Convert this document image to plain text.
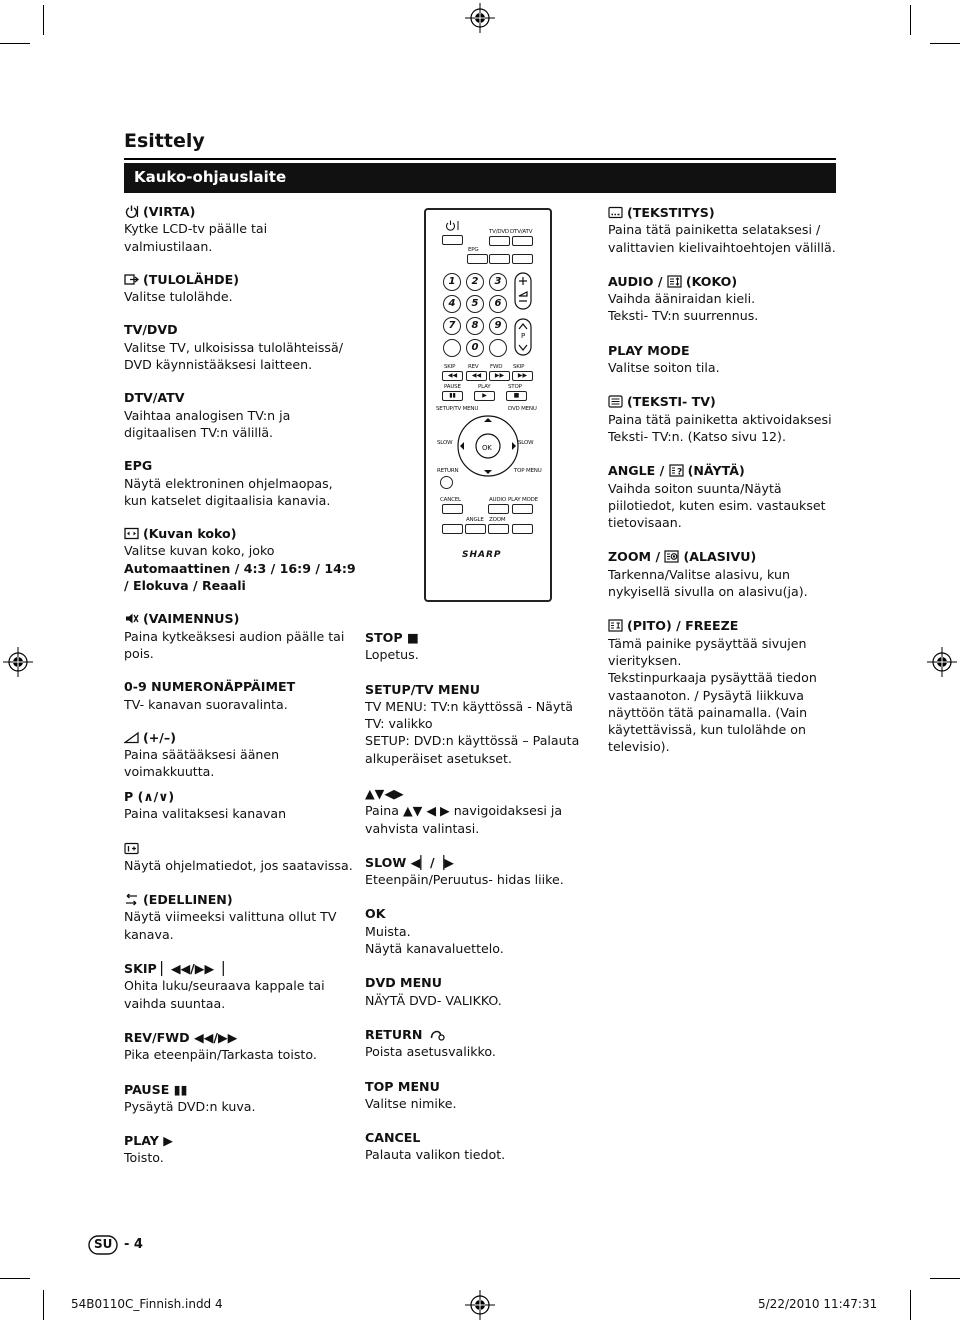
Esittely
Kauko-ohjauslaite
(VIRTA)
Kytke LCD-tv päälle tai valmiustilaan.
(TULOLÄHDE)
Valitse tulolähde.
TV/DVD
Valitse TV, ulkoisissa tulolähteissä/ DVD käynnistääksesi laitteen.
DTV/ATV
Vaihtaa analogisen TV:n ja digitaalisen TV:n välillä.
EPG
Näytä elektroninen ohjelmaopas, kun katselet digitaalisia kanavia.
(Kuvan koko)
Valitse kuvan koko, joko
Automaattinen / 4:3 / 16:9 / 14:9 / Elokuva / Reaali
(VAIMENNUS)
Paina kytkeäksesi audion päälle tai pois.
0-9 NUMERONÄPPÄIMET
TV- kanavan suoravalinta.
(+/–)
Paina säätääksesi äänen voimakkuutta.
P (∧/∨)
Paina valitaksesi kanavan
Näytä ohjelmatiedot, jos saatavissa.
(EDELLINEN)
Näytä viimeeksi valittuna ollut TV kanava.
SKIP ▏◀◀/▶▶▕
Ohita luku/seuraava kappale tai vaihda suuntaa.
REV/FWD ◀◀/▶▶
Pika eteenpäin/Tarkasta toisto.
PAUSE ▮▮
Pysäytä DVD:n kuva.
PLAY ▶
Toisto.
STOP ■
Lopetus.
SETUP/TV MENU
TV MENU: TV:n käyttössä - Näytä TV: valikko
SETUP: DVD:n käyttössä – Palauta alkuperäiset asetukset.
▲▼◀▶
Paina ▲▼ ◀ ▶ navigoidaksesi ja vahvista valintasi.
SLOW ◀▏/▕▶
Eteenpäin/Peruutus- hidas liike.
OK
Muista.
Näytä kanavaluettelo.
DVD MENU
NÄYTÄ DVD- VALIKKO.
RETURN
Poista asetusvalikko.
TOP MENU
Valitse nimike.
CANCEL
Palauta valikon tiedot.
(TEKSTITYS)
Paina tätä painiketta selataksesi / valittavien kielivaihtoehtojen välillä.
AUDIO / (KOKO)
Vaihda ääniraidan kieli.
Teksti- TV:n suurrennus.
PLAY MODE
Valitse soiton tila.
(TEKSTI- TV)
Paina tätä painiketta aktivoidaksesi Teksti- TV:n. (Katso sivu 12).
ANGLE / ? (NÄYTÄ)
Vaihda soiton suunta/Näytä piilotiedot, kuten esim. vastaukset tietovisaan.
ZOOM / (ALASIVU)
Tarkenna/Valitse alasivu, kun nykyisellä sivulla on alasivu(ja).
(PITO) / FREEZE
Tämä painike pysäyttää sivujen vierityksen.
Tekstinpurkaaja pysäyttää tiedon vastaanoton. / Pysäytä liikkuva näyttöön tätä painamalla. (Vain käytettävissä, kun tulolähde on televisio).
TV/DVD DTV/ATV
EPG
1	2	3
4	5	6
7	8	9
0
P
SKIP REV FWD SKIP
◀◀	◀◀	▶▶	▶▶
PAUSE	PLAY	STOP
▮▮	▶	■
SETUP/TV MENU	DVD MENU
OK
SLOW	SLOW
RETURN	TOP MENU
CANCEL	AUDIO PLAY MODE
ANGLE ZOOM
SHARP
SU - 4
54B0110C_Finnish.indd 4	5/22/2010 11:47:31
